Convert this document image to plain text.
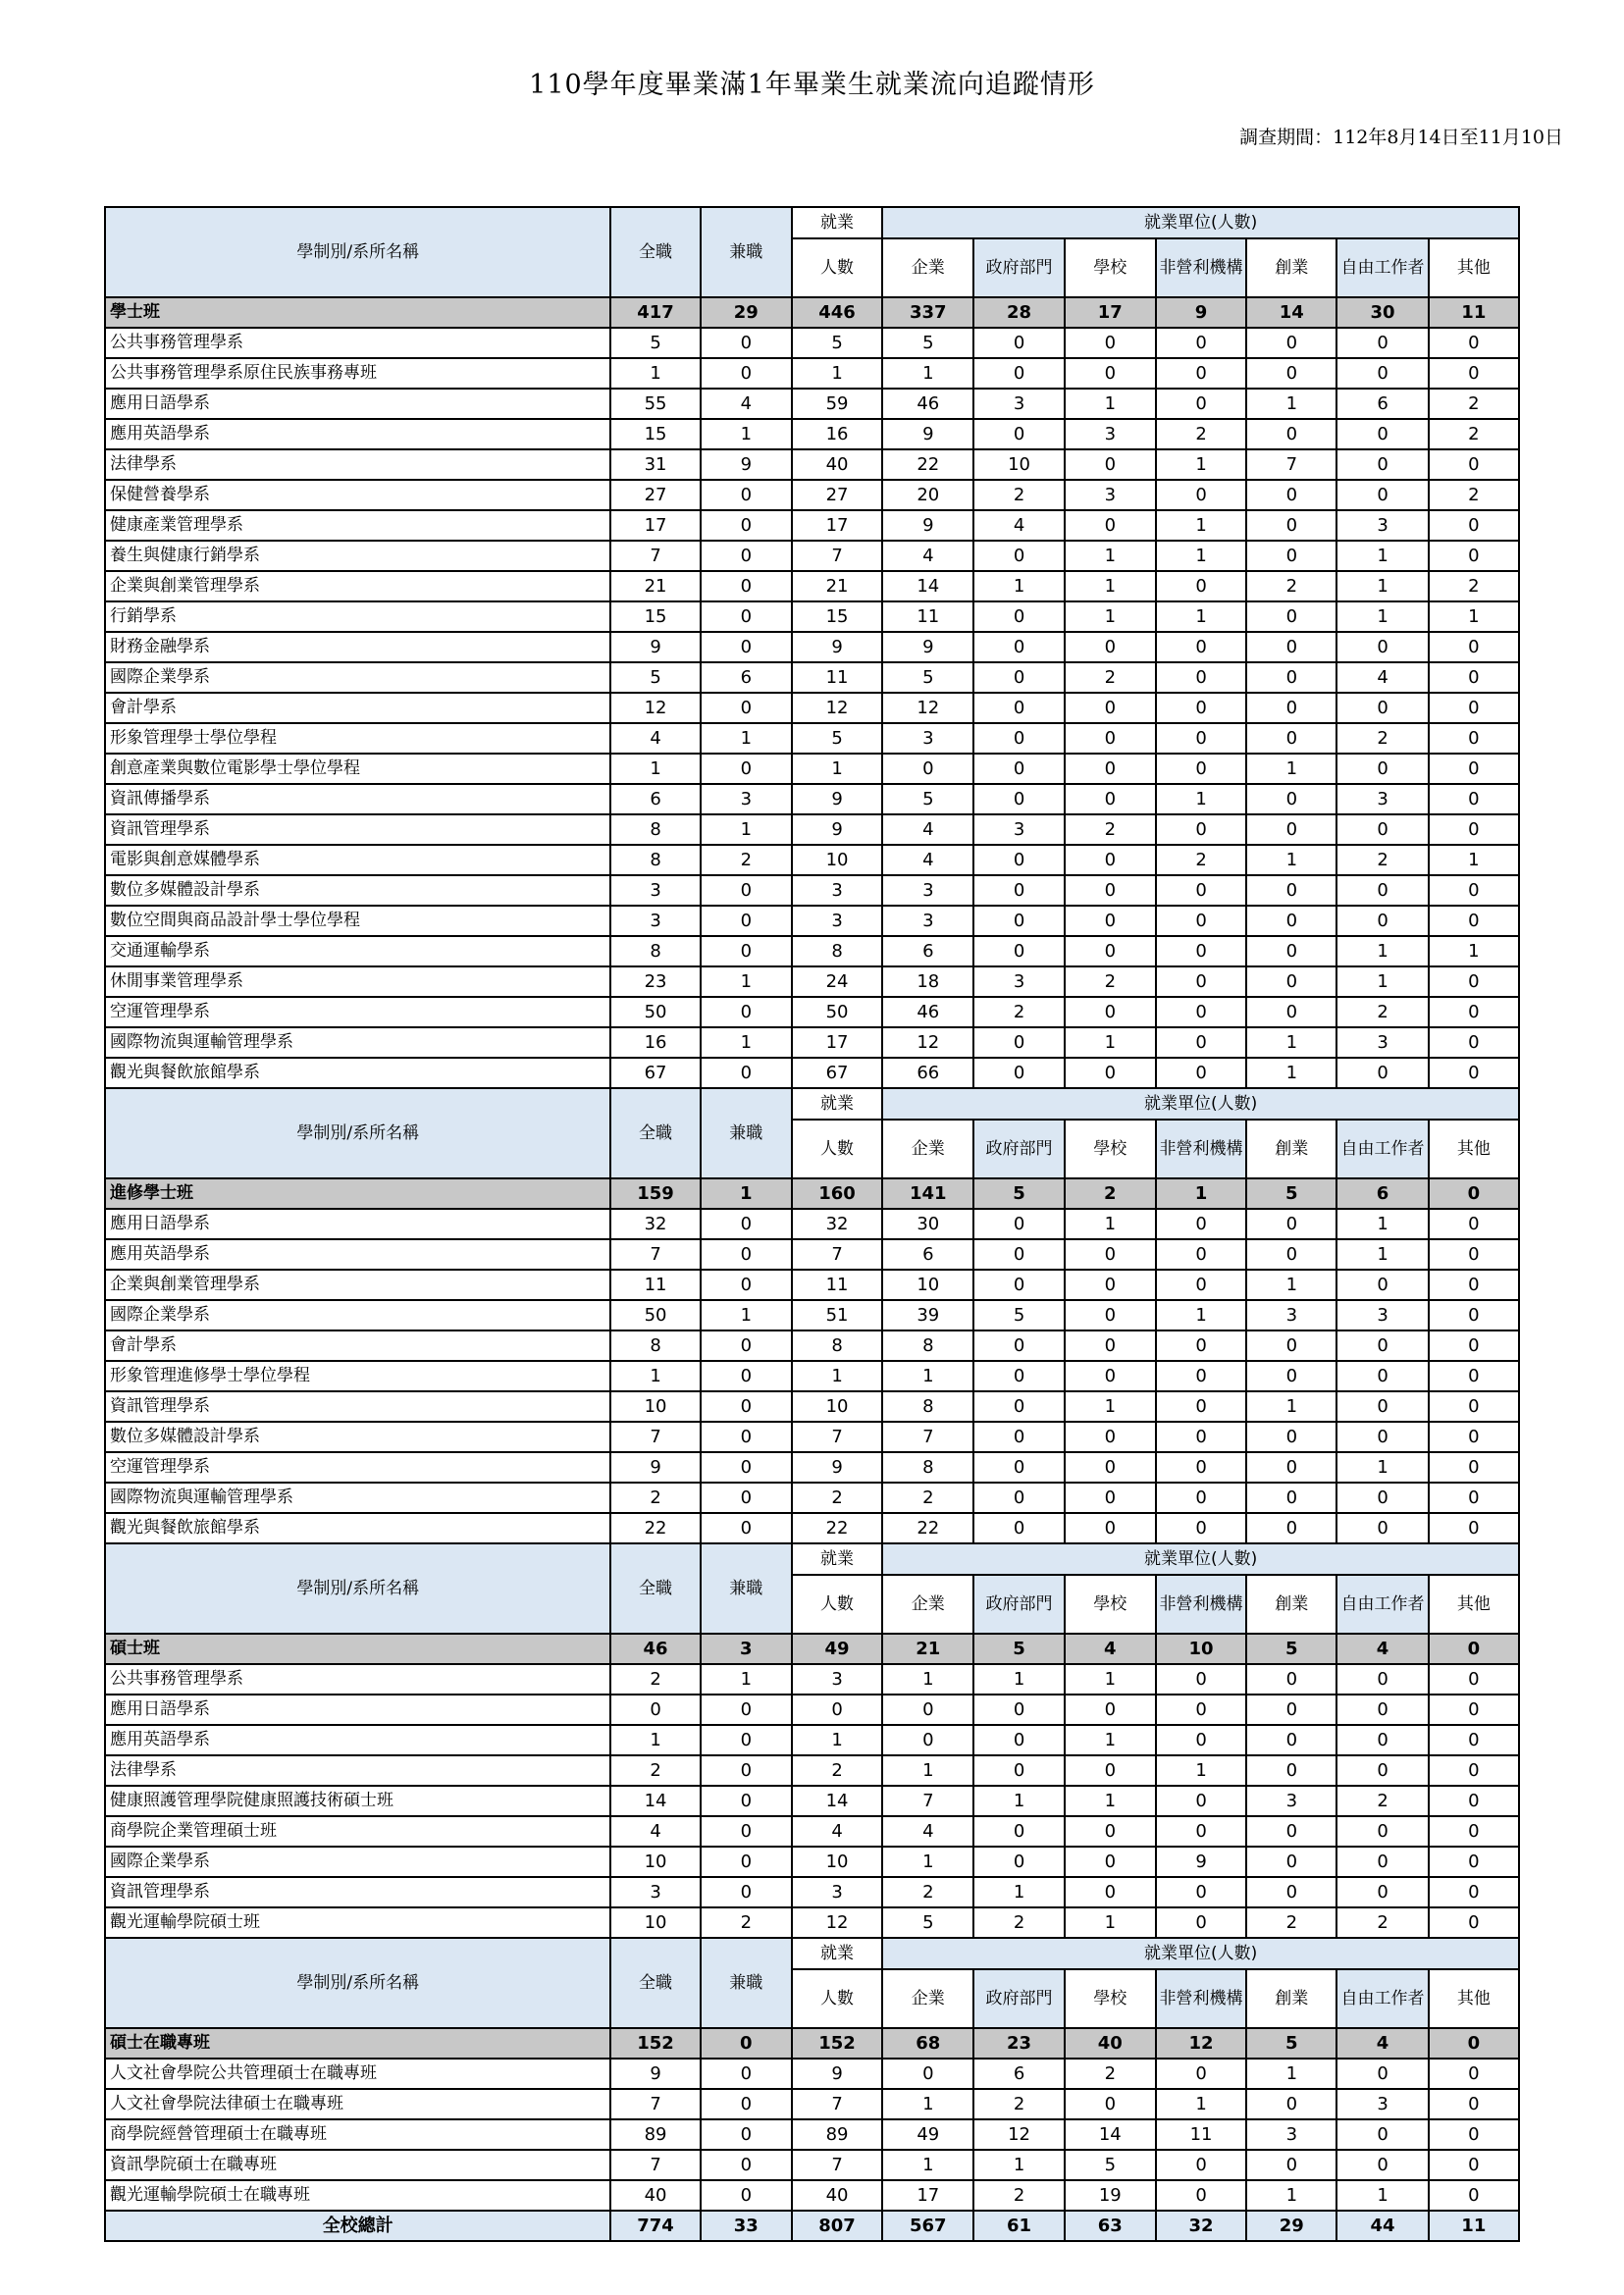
110學年度畢業滿1年畢業生就業流向追蹤情形
調查期間：112年8月14日至11月10日
學制別/系所名稱	全職	兼職	就業	就業單位(人數)						
			人數	企業	政府部門	學校	非營利機構	創業	自由工作者	其他
學士班	417	29	446	337	28	17	9	14	30	11
公共事務管理學系	5	0	5	5	0	0	0	0	0	0
公共事務管理學系原住民族事務專班	1	0	1	1	0	0	0	0	0	0
應用日語學系	55	4	59	46	3	1	0	1	6	2
應用英語學系	15	1	16	9	0	3	2	0	0	2
法律學系	31	9	40	22	10	0	1	7	0	0
保健營養學系	27	0	27	20	2	3	0	0	0	2
健康產業管理學系	17	0	17	9	4	0	1	0	3	0
養生與健康行銷學系	7	0	7	4	0	1	1	0	1	0
企業與創業管理學系	21	0	21	14	1	1	0	2	1	2
行銷學系	15	0	15	11	0	1	1	0	1	1
財務金融學系	9	0	9	9	0	0	0	0	0	0
國際企業學系	5	6	11	5	0	2	0	0	4	0
會計學系	12	0	12	12	0	0	0	0	0	0
形象管理學士學位學程	4	1	5	3	0	0	0	0	2	0
創意產業與數位電影學士學位學程	1	0	1	0	0	0	0	1	0	0
資訊傳播學系	6	3	9	5	0	0	1	0	3	0
資訊管理學系	8	1	9	4	3	2	0	0	0	0
電影與創意媒體學系	8	2	10	4	0	0	2	1	2	1
數位多媒體設計學系	3	0	3	3	0	0	0	0	0	0
數位空間與商品設計學士學位學程	3	0	3	3	0	0	0	0	0	0
交通運輸學系	8	0	8	6	0	0	0	0	1	1
休閒事業管理學系	23	1	24	18	3	2	0	0	1	0
空運管理學系	50	0	50	46	2	0	0	0	2	0
國際物流與運輸管理學系	16	1	17	12	0	1	0	1	3	0
觀光與餐飲旅館學系	67	0	67	66	0	0	0	1	0	0
學制別/系所名稱	全職	兼職	就業	就業單位(人數)						
			人數	企業	政府部門	學校	非營利機構	創業	自由工作者	其他
進修學士班	159	1	160	141	5	2	1	5	6	0
應用日語學系	32	0	32	30	0	1	0	0	1	0
應用英語學系	7	0	7	6	0	0	0	0	1	0
企業與創業管理學系	11	0	11	10	0	0	0	1	0	0
國際企業學系	50	1	51	39	5	0	1	3	3	0
會計學系	8	0	8	8	0	0	0	0	0	0
形象管理進修學士學位學程	1	0	1	1	0	0	0	0	0	0
資訊管理學系	10	0	10	8	0	1	0	1	0	0
數位多媒體設計學系	7	0	7	7	0	0	0	0	0	0
空運管理學系	9	0	9	8	0	0	0	0	1	0
國際物流與運輸管理學系	2	0	2	2	0	0	0	0	0	0
觀光與餐飲旅館學系	22	0	22	22	0	0	0	0	0	0
學制別/系所名稱	全職	兼職	就業	就業單位(人數)						
			人數	企業	政府部門	學校	非營利機構	創業	自由工作者	其他
碩士班	46	3	49	21	5	4	10	5	4	0
公共事務管理學系	2	1	3	1	1	1	0	0	0	0
應用日語學系	0	0	0	0	0	0	0	0	0	0
應用英語學系	1	0	1	0	0	1	0	0	0	0
法律學系	2	0	2	1	0	0	1	0	0	0
健康照護管理學院健康照護技術碩士班	14	0	14	7	1	1	0	3	2	0
商學院企業管理碩士班	4	0	4	4	0	0	0	0	0	0
國際企業學系	10	0	10	1	0	0	9	0	0	0
資訊管理學系	3	0	3	2	1	0	0	0	0	0
觀光運輸學院碩士班	10	2	12	5	2	1	0	2	2	0
學制別/系所名稱	全職	兼職	就業	就業單位(人數)						
			人數	企業	政府部門	學校	非營利機構	創業	自由工作者	其他
碩士在職專班	152	0	152	68	23	40	12	5	4	0
人文社會學院公共管理碩士在職專班	9	0	9	0	6	2	0	1	0	0
人文社會學院法律碩士在職專班	7	0	7	1	2	0	1	0	3	0
商學院經營管理碩士在職專班	89	0	89	49	12	14	11	3	0	0
資訊學院碩士在職專班	7	0	7	1	1	5	0	0	0	0
觀光運輸學院碩士在職專班	40	0	40	17	2	19	0	1	1	0
全校總計	774	33	807	567	61	63	32	29	44	11
